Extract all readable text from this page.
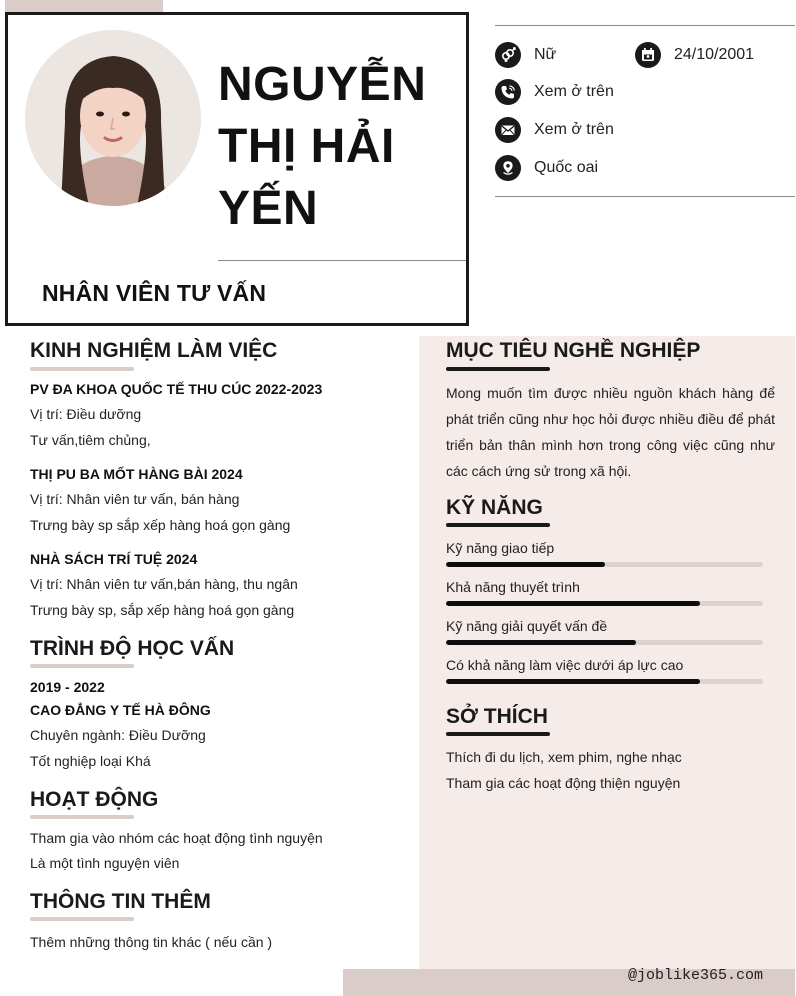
NGUYỄN
THỊ HẢI
YẾN
NHÂN VIÊN TƯ VẤN
Nữ	24/10/2001
Xem ở trên
Xem ở trên
Quốc oai
@joblike365.com
KINH NGHIỆM LÀM VIỆC
PV ĐA KHOA QUỐC TẾ THU CÚC 2022-2023
Vị trí: Điều dưỡng
Tư vấn,tiêm chủng,
THỊ PU BA MỐT HÀNG BÀI 2024
Vị trí: Nhân viên tư vấn, bán hàng
Trưng bày sp sắp xếp hàng hoá gọn gàng
NHÀ SÁCH TRÍ TUỆ 2024
Vị trí: Nhân viên tư vấn,bán hàng, thu ngân
Trưng bày sp, sắp xếp hàng hoá gọn gàng
TRÌNH ĐỘ HỌC VẤN
2019 - 2022
CAO ĐẲNG Y TẾ HÀ ĐÔNG
Chuyên ngành: Điều Dưỡng
Tốt nghiệp loại Khá
HOẠT ĐỘNG
Tham gia vào nhóm các hoạt động tình nguyện
Là một tình nguyện viên
THÔNG TIN THÊM
Thêm những thông tin khác ( nếu cần )
MỤC TIÊU NGHỀ NGHIỆP
Mong muốn tìm được nhiều nguồn khách hàng để phát triển cũng như học hỏi được nhiều điều để phát triển bản thân mình hơn trong công việc cũng như các cách ứng sử trong xã hội.
KỸ NĂNG
Kỹ năng giao tiếp
Khả năng thuyết trình
Kỹ năng giải quyết vấn đề
Có khả năng làm việc dưới áp lực cao
SỞ THÍCH
Thích đi du lịch, xem phim, nghe nhạc
Tham gia các hoạt động thiện nguyện
